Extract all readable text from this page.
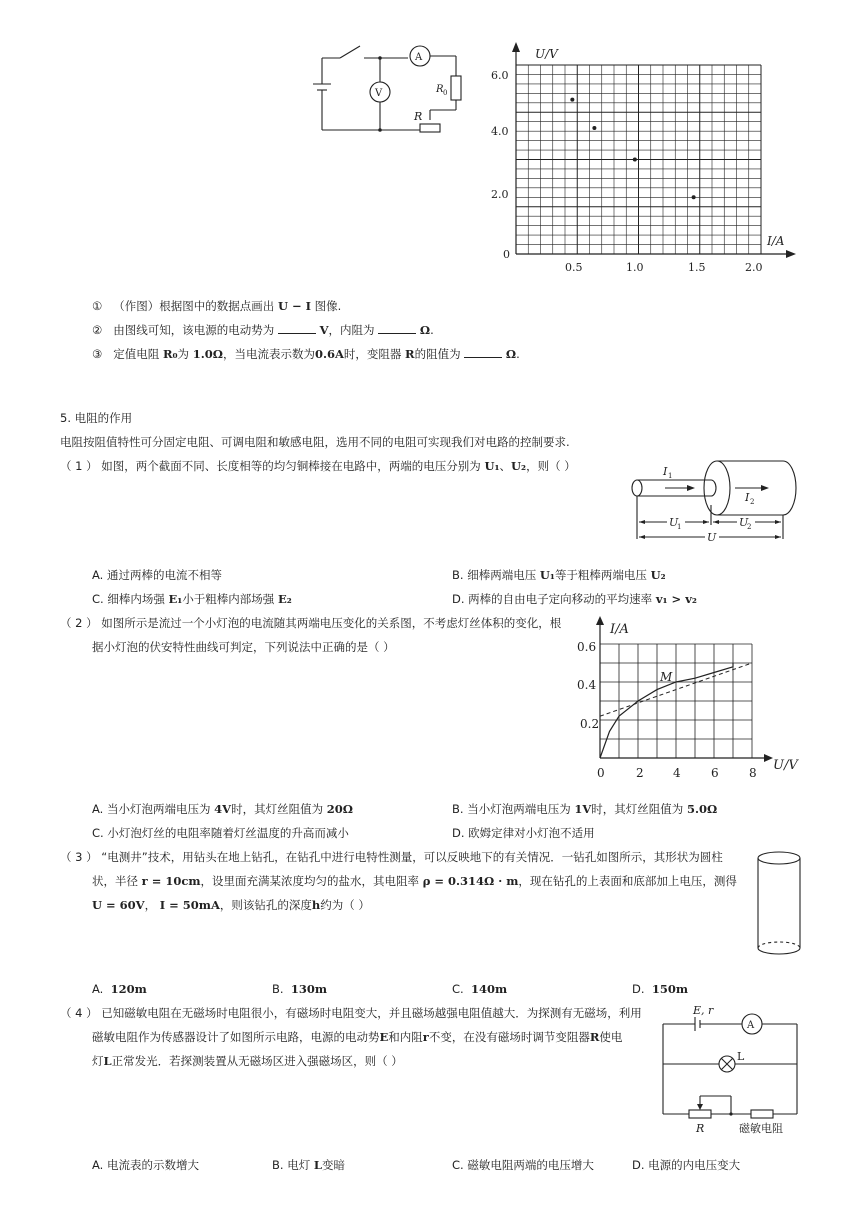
A
V	R 0
R
U/V
I/A
6.0
4.0
2.0
0
0.5	1.0	1.5	2.0
① （作图）根据图中的数据点画出 U − I 图像.
② 由图线可知，该电源的电动势为	V，内阻为	Ω.
③ 定值电阻 R₀为 1.0Ω，当电流表示数为0.6A时，变阻器 R的阻值为	Ω.
5. 电阻的作用
电阻按阻值特性可分固定电阻、可调电阻和敏感电阻，选用不同的电阻可实现我们对电路的控制要求.
（ 1 ） 如图，两个截面不同、长度相等的均匀铜棒接在电路中，两端的电压分别为 U₁、U₂，则（ ）	I 1
I 2
U
1	U
2
U
A. 通过两棒的电流不相等	B. 细棒两端电压 U₁等于粗棒两端电压 U₂
C. 细棒内场强 E₁小于粗棒内部场强 E₂	D. 两棒的自由电子定向移动的平均速率 v₁ > v₂
（ 2 ） 如图所示是流过一个小灯泡的电流随其两端电压变化的关系图，不考虑灯丝体积的变化，根
据小灯泡的伏安特性曲线可判定，下列说法中正确的是（ ）
I/A
U/V
M
0.6
0.4
0.2
0	2 4	6	8
A. 当小灯泡两端电压为 4V时，其灯丝阻值为 20Ω	B. 当小灯泡两端电压为 1V时，其灯丝阻值为 5.0Ω
C. 小灯泡灯丝的电阻率随着灯丝温度的升高而减小	D. 欧姆定律对小灯泡不适用
（ 3 ） “电测井”技术，用钻头在地上钻孔，在钻孔中进行电特性测量，可以反映地下的有关情况．一钻孔如图所示，其形状为圆柱
状，半径 r = 10cm，设里面充满某浓度均匀的盐水，其电阻率 ρ = 0.314Ω · m，现在钻孔的上表面和底部加上电压，测得
U = 60V， I = 50mA，则该钻孔的深度h约为（ ）
A. 120m	B. 130m	C. 140m	D. 150m
（ 4 ） 已知磁敏电阻在无磁场时电阻很小，有磁场时电阻变大，并且磁场越强电阻值越大．为探测有无磁场，利用
磁敏电阻作为传感器设计了如图所示电路，电源的电动势E和内阻r不变，在没有磁场时调节变阻器R使电
灯L正常发光．若探测装置从无磁场区进入强磁场区，则（ ）
E, r
A
L
R	磁敏电阻
A. 电流表的示数增大	B. 电灯 L变暗	C. 磁敏电阻两端的电压增大	D. 电源的内电压变大
